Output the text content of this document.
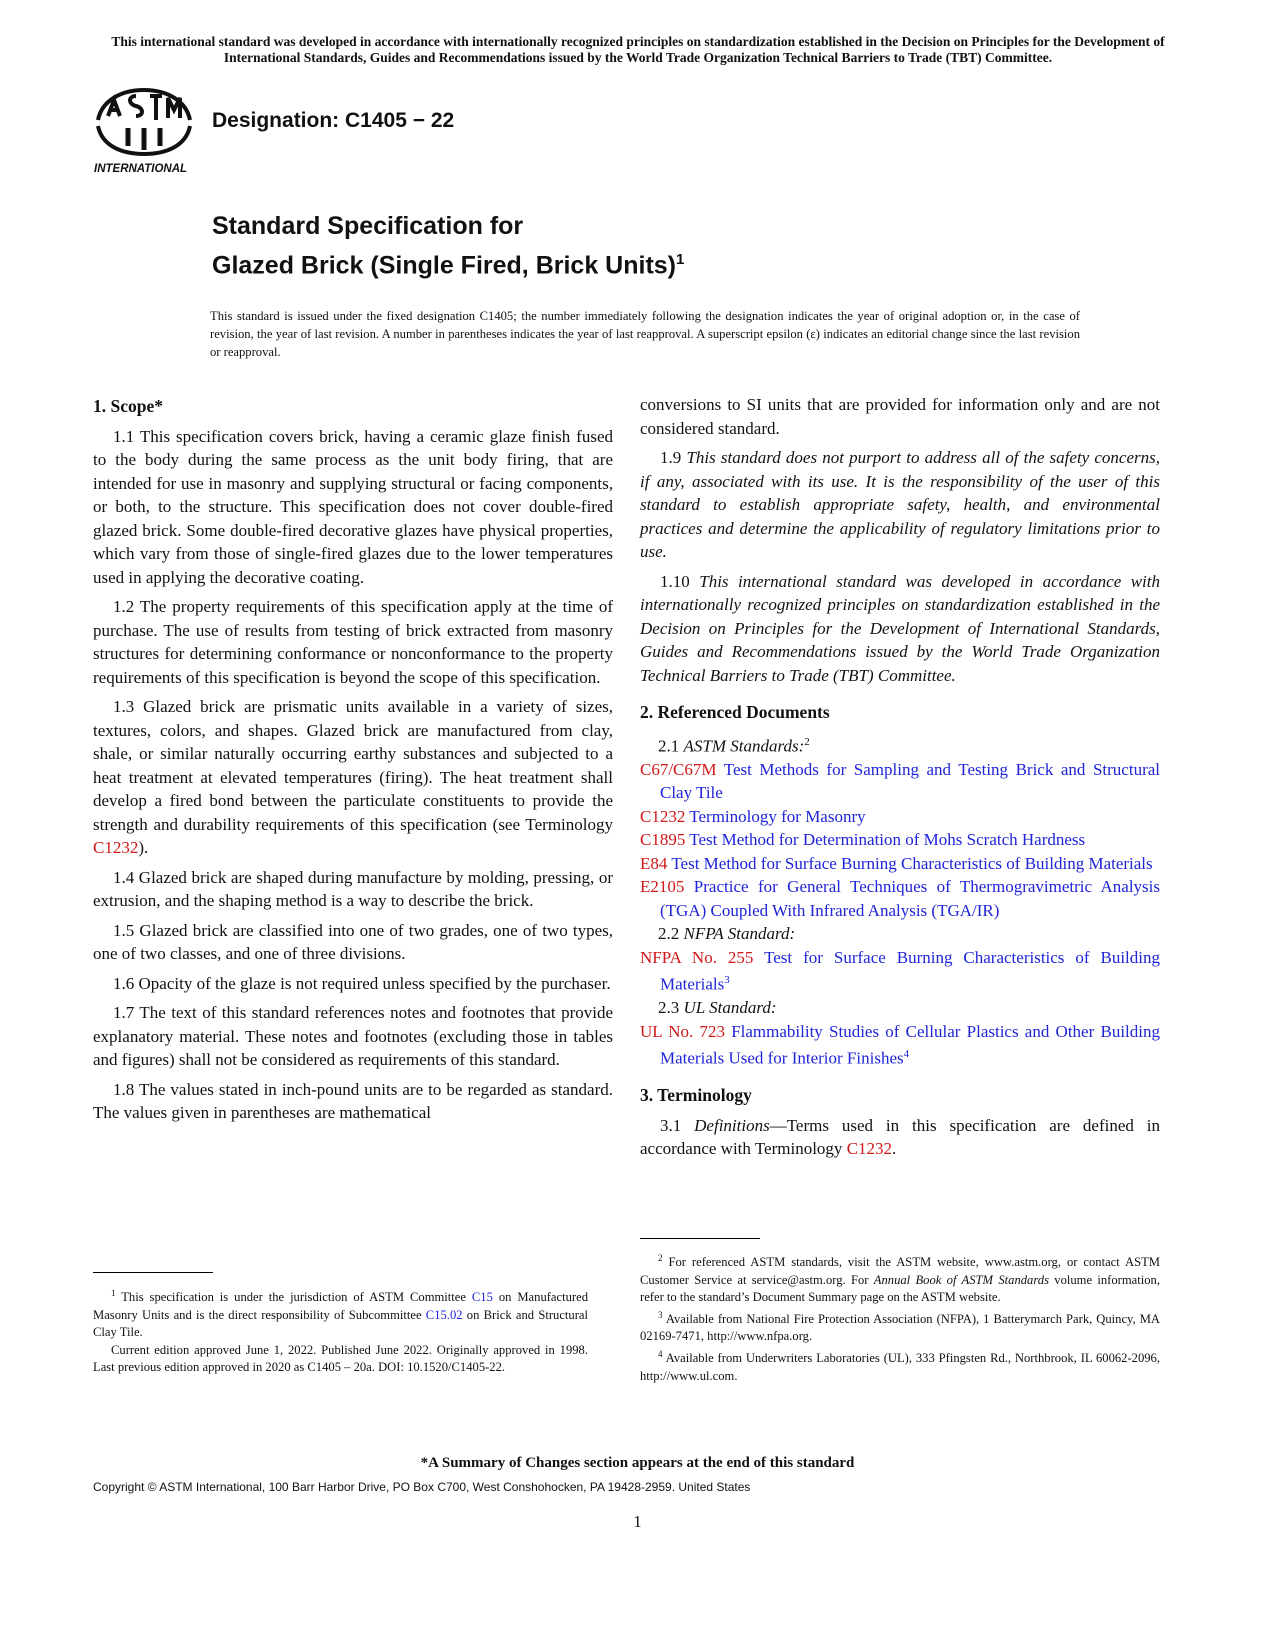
This international standard was developed in accordance with internationally recognized principles on standardization established in the Decision on Principles for the Development of International Standards, Guides and Recommendations issued by the World Trade Organization Technical Barriers to Trade (TBT) Committee.
INTERNATIONAL
Designation: C1405 − 22
Standard Specification for
Glazed Brick (Single Fired, Brick Units)$^1$
This standard is issued under the fixed designation C1405; the number immediately following the designation indicates the year of original adoption or, in the case of revision, the year of last revision. A number in parentheses indicates the year of last reapproval. A superscript epsilon (ε) indicates an editorial change since the last revision or reapproval.
1. Scope*

1.1 This specification covers brick, having a ceramic glaze finish fused to the body during the same process as the unit body firing, that are intended for use in masonry and supplying structural or facing components, or both, to the structure. This specification does not cover double-fired glazed brick. Some double-fired decorative glazes have physical properties, which vary from those of single-fired glazes due to the lower temperatures used in applying the decorative coating.

1.2 The property requirements of this specification apply at the time of purchase. The use of results from testing of brick extracted from masonry structures for determining conformance or nonconformance to the property requirements of this specification is beyond the scope of this specification.

1.3 Glazed brick are prismatic units available in a variety of sizes, textures, colors, and shapes. Glazed brick are manufactured from clay, shale, or similar naturally occurring earthy substances and subjected to a heat treatment at elevated temperatures (firing). The heat treatment shall develop a fired bond between the particulate constituents to provide the strength and durability requirements of this specification (see Terminology C1232).

1.4 Glazed brick are shaped during manufacture by molding, pressing, or extrusion, and the shaping method is a way to describe the brick.

1.5 Glazed brick are classified into one of two grades, one of two types, one of two classes, and one of three divisions.

1.6 Opacity of the glaze is not required unless specified by the purchaser.

1.7 The text of this standard references notes and footnotes that provide explanatory material. These notes and footnotes (excluding those in tables and figures) shall not be considered as requirements of this standard.

1.8 The values stated in inch-pound units are to be regarded as standard. The values given in parentheses are mathematical

$^1$ This specification is under the jurisdiction of ASTM Committee C15 on Manufactured Masonry Units and is the direct responsibility of Subcommittee C15.02 on Brick and Structural Clay Tile.

Current edition approved June 1, 2022. Published June 2022. Originally approved in 1998. Last previous edition approved in 2020 as C1405 – 20a. DOI: 10.1520/C1405-22.

conversions to SI units that are provided for information only and are not considered standard.

1.9 This standard does not purport to address all of the safety concerns, if any, associated with its use. It is the responsibility of the user of this standard to establish appropriate safety, health, and environmental practices and determine the applicability of regulatory limitations prior to use.

1.10 This international standard was developed in accordance with internationally recognized principles on standardization established in the Decision on Principles for the Development of International Standards, Guides and Recommendations issued by the World Trade Organization Technical Barriers to Trade (TBT) Committee.

2. Referenced Documents

2.1 ASTM Standards:$^2$

C67/C67M Test Methods for Sampling and Testing Brick and Structural Clay Tile

C1232 Terminology for Masonry

C1895 Test Method for Determination of Mohs Scratch Hardness

E84 Test Method for Surface Burning Characteristics of Building Materials

E2105 Practice for General Techniques of Thermogravimetric Analysis (TGA) Coupled With Infrared Analysis (TGA/IR)

2.2 NFPA Standard:

NFPA No. 255 Test for Surface Burning Characteristics of Building Materials$^3$

2.3 UL Standard:

UL No. 723 Flammability Studies of Cellular Plastics and Other Building Materials Used for Interior Finishes$^4$

3. Terminology

3.1 Definitions—Terms used in this specification are defined in accordance with Terminology C1232.

$^2$ For referenced ASTM standards, visit the ASTM website, www.astm.org, or contact ASTM Customer Service at service@astm.org. For Annual Book of ASTM Standards volume information, refer to the standard’s Document Summary page on the ASTM website.

$^3$ Available from National Fire Protection Association (NFPA), 1 Batterymarch Park, Quincy, MA 02169-7471, http://www.nfpa.org.

$^4$ Available from Underwriters Laboratories (UL), 333 Pfingsten Rd., Northbrook, IL 60062-2096, http://www.ul.com.

*A Summary of Changes section appears at the end of this standard
Copyright © ASTM International, 100 Barr Harbor Drive, PO Box C700, West Conshohocken, PA 19428-2959. United States
1
